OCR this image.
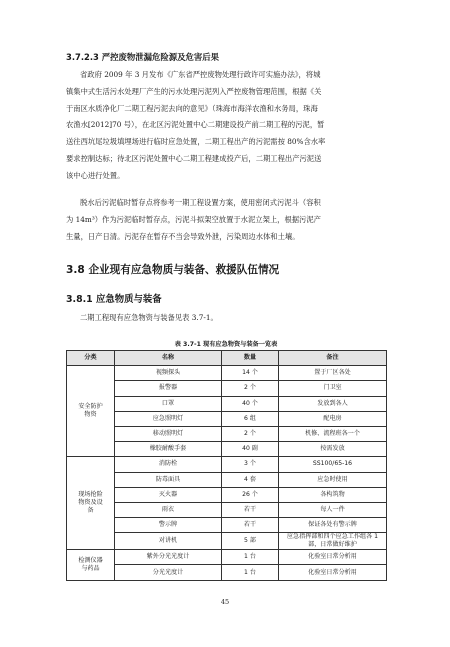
3.7.2.3 严控废物泄漏危险源及危害后果
省政府 2009 年 3 月发布《广东省严控废物处理行政许可实施办法》，将城
镇集中式生活污水处理厂产生的污水处理污泥列入严控废物管理范围，根据《关
于南区水质净化厂二期工程污泥去向的意见》（珠海市海洋农渔和水务局，珠海
农渔水[2012]70 号），在北区污泥处置中心二期建设投产前二期工程的污泥，暂
送往西坑尾垃圾填埋场进行临时应急处置，二期工程出产的污泥需按 80%含水率
要求控制达标；待北区污泥处置中心二期工程建成投产后，二期工程出产污泥送
该中心进行处置。
脱水后污泥临时暂存点将参考一期工程设置方案，使用密闭式污泥斗（容积
为 14m³）作为污泥临时暂存点，污泥斗拟架空放置于水泥立架上，根据污泥产
生量，日产日清。污泥存在暂存不当会导致外泄，污染周边水体和土壤。
3.8 企业现有应急物质与装备、救援队伍情况
3.8.1 应急物质与装备
二期工程现有应急物资与装备见表 3.7-1。
表 3.7-1 现有应急物资与装备一览表
分类	名称	数量	备注
安全防护
物资	视频探头	14 个	置于厂区各处
	报警器	2 个	门卫室
	口罩	40 个	发放到各人
	应急照明灯	6 组	配电房
	移动照明灯	2 个	机修、流程班各一个
	橡胶耐酸手套	40 副	按需发放
现场抢险
物资及设
备	消防栓	3 个	SS100/65-16
	防毒面具	4 套	应急时使用
	灭火器	26 个	各构筑物
	雨衣	若干	每人一件
	警示牌	若干	保证各处有警示牌
	对讲机	5 部	应急指挥部和四个应急工作组各 1 部，日常做好维护
检测仪器
与药品	紫外分光光度计	1 台	化验室日常分析用
	分光光度计	1 台	化验室日常分析用
45
